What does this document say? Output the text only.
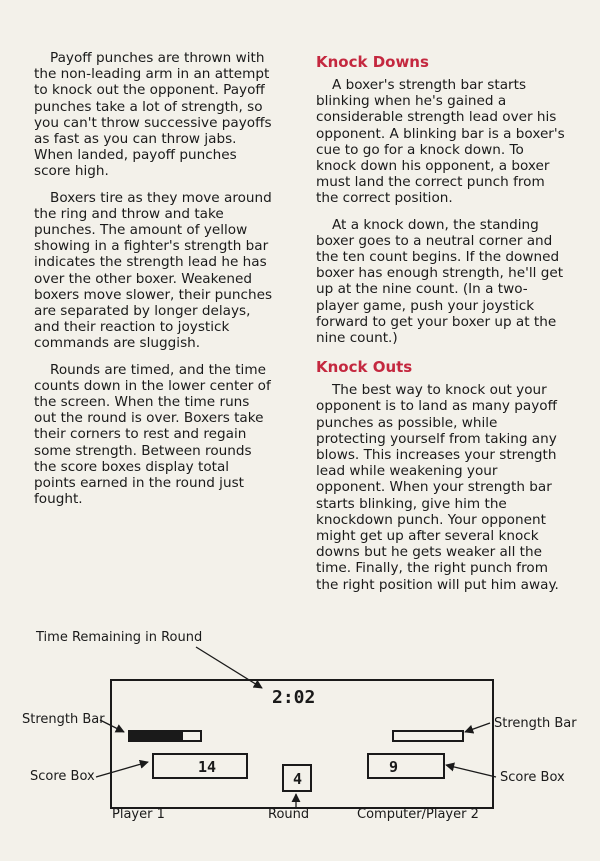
Payoff punches are thrown with the non-leading arm in an attempt to knock out the opponent. Payoff punches take a lot of strength, so you can't throw successive payoffs as fast as you can throw jabs. When landed, payoff punches score high.

Boxers tire as they move around the ring and throw and take punches. The amount of yellow showing in a fighter's strength bar indicates the strength lead he has over the other boxer. Weakened boxers move slower, their punches are separated by longer delays, and their reaction to joystick commands are sluggish.

Rounds are timed, and the time counts down in the lower center of the screen. When the time runs out the round is over. Boxers take their corners to rest and regain some strength. Between rounds the score boxes display total points earned in the round just fought.

Knock Downs

A boxer's strength bar starts blinking when he's gained a considerable strength lead over his opponent. A blinking bar is a boxer's cue to go for a knock down. To knock down his opponent, a boxer must land the correct punch from the correct position.

At a knock down, the standing boxer goes to a neutral corner and the ten count begins. If the downed boxer has enough strength, he'll get up at the nine count. (In a two-player game, push your joystick forward to get your boxer up at the nine count.)

Knock Outs

The best way to knock out your opponent is to land as many payoff punches as possible, while protecting yourself from taking any blows. This increases your strength lead while weakening your opponent. When your strength bar starts blinking, give him the knockdown punch. Your opponent might get up after several knock downs but he gets weaker all the time. Finally, the right punch from the right position will put him away.

Time Remaining in Round
Strength Bar	Strength Bar
Score Box	Score Box
Player 1	Round	Computer/Player 2
2:02
14
4
9
